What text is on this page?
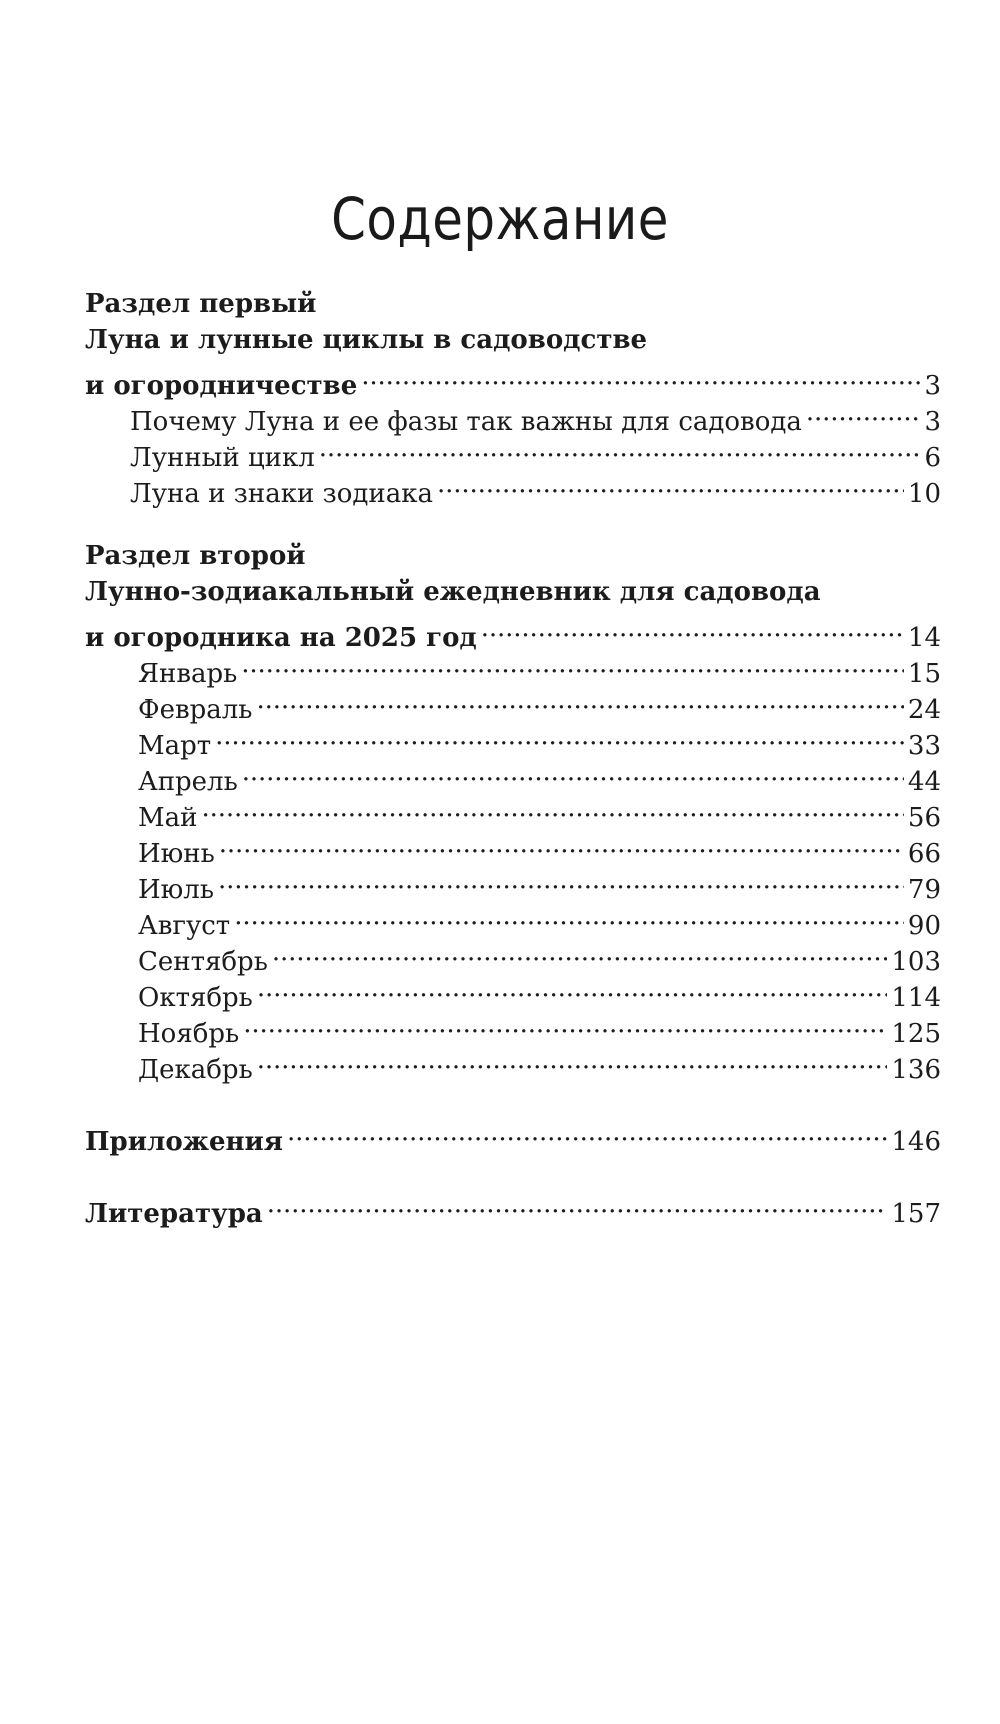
Содержание
Раздел первый
Луна и лунные циклы в садоводстве
и огородничестве . . .	3
Почему Луна и ее фазы так важны для садовода . . .	3
Лунный цикл . . .	6
Луна и знаки зодиака . . .	10
Раздел второй
Лунно-зодиакальный ежедневник для садовода
и огородника на 2025 год . . .	14
Январь . . .	15
Февраль . . .	24
Март . . .	33
Апрель . . .	44
Май . . .	56
Июнь . . .	66
Июль . . .	79
Август . . .	90
Сентябрь . . .	103
Октябрь . . .	114
Ноябрь . . .	125
Декабрь . . .	136
Приложения . . .	146
Литература . . .	157
